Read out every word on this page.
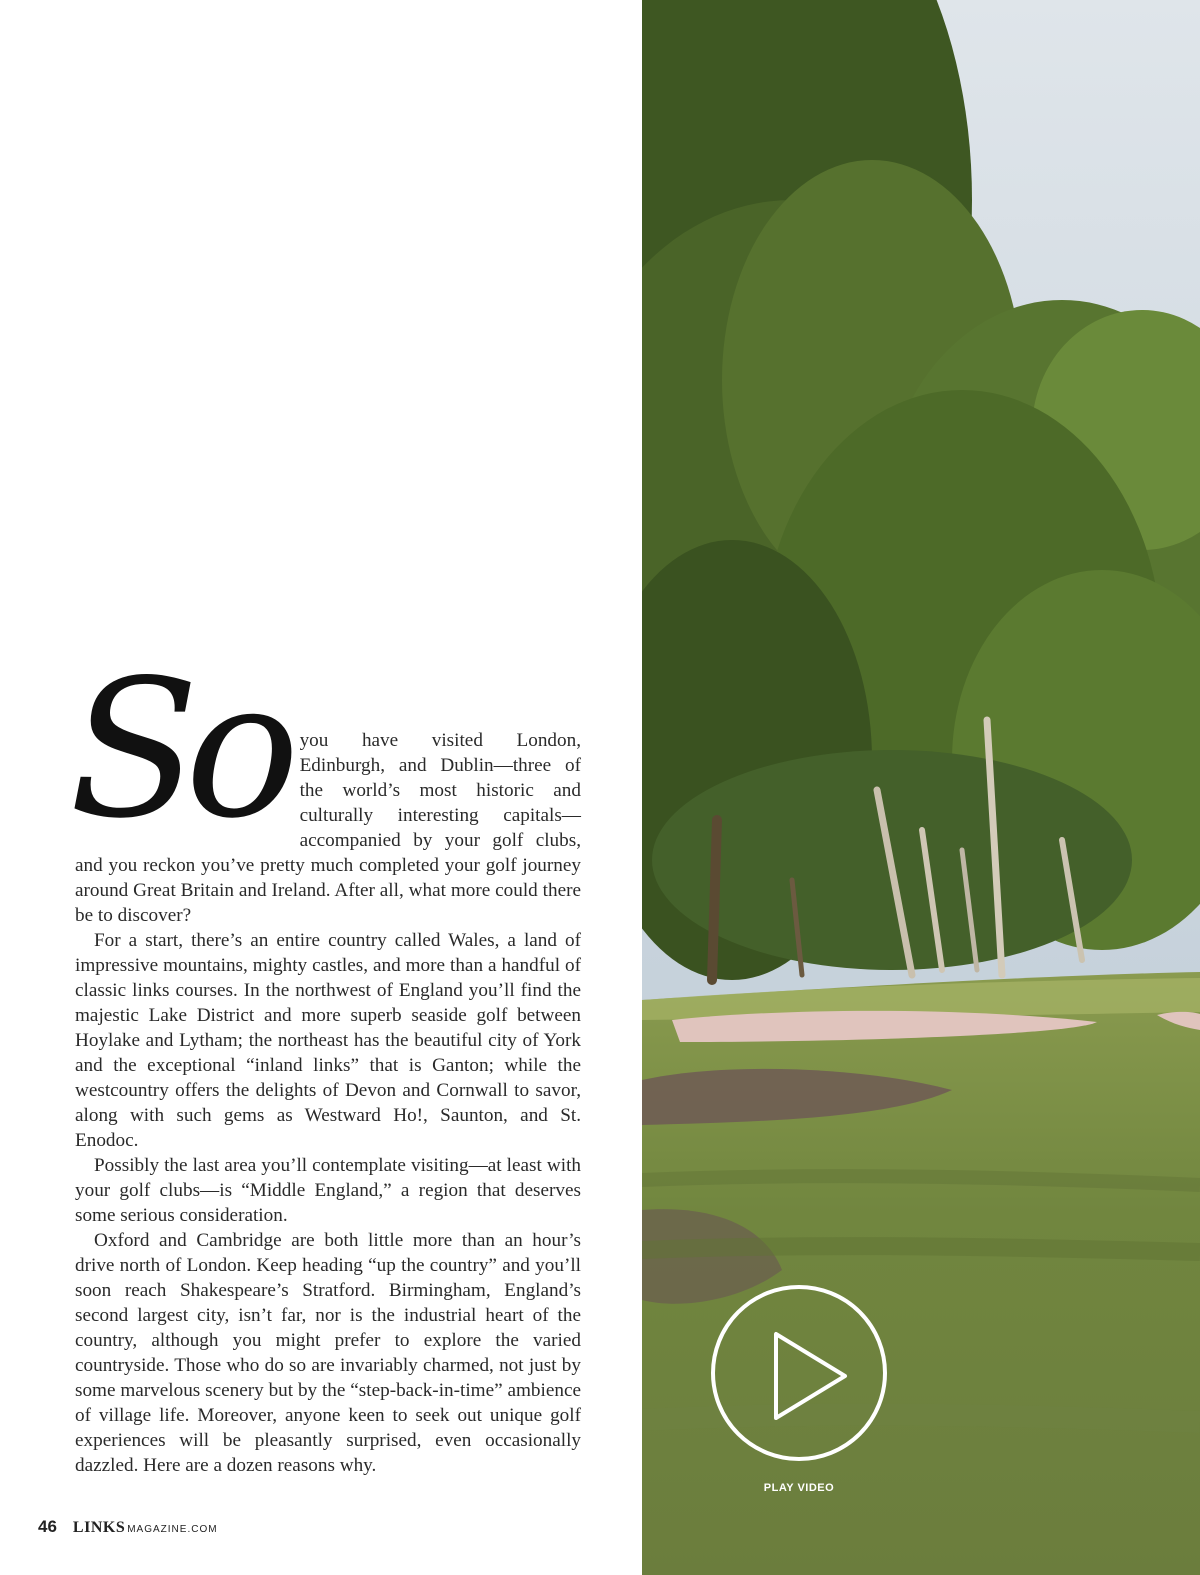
So you have visited London, Edinburgh, and Dublin—three of the world’s most historic and culturally interesting capitals—accompanied by your golf clubs, and you reckon you’ve pretty much completed your golf journey around Great Britain and Ireland. After all, what more could there be to discover?

For a start, there’s an entire country called Wales, a land of impressive mountains, mighty castles, and more than a handful of classic links courses. In the northwest of England you’ll find the majestic Lake District and more superb seaside golf between Hoylake and Lytham; the northeast has the beautiful city of York and the exceptional “inland links” that is Ganton; while the westcountry offers the delights of Devon and Cornwall to savor, along with such gems as Westward Ho!, Saunton, and St. Enodoc.

Possibly the last area you’ll contemplate visiting—at least with your golf clubs—is “Middle England,” a region that deserves some serious consideration.

Oxford and Cambridge are both little more than an hour’s drive north of London. Keep heading “up the country” and you’ll soon reach Shakespeare’s Stratford. Birmingham, England’s second largest city, isn’t far, nor is the industrial heart of the country, although you might prefer to explore the varied countryside. Those who do so are invariably charmed, not just by some marvelous scenery but by the “step-back-in-time” ambience of village life. Moreover, anyone keen to seek out unique golf experiences will be pleasantly surprised, even occasionally dazzled. Here are a dozen reasons why.

46 LINKS MAGAZINE.COM
PLAY VIDEO
